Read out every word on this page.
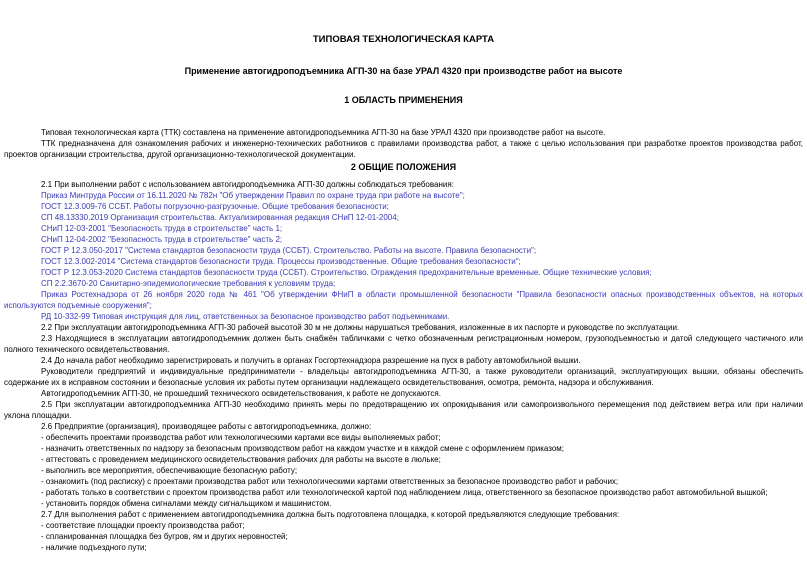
ТИПОВАЯ ТЕХНОЛОГИЧЕСКАЯ КАРТА

Применение автогидроподъемника АГП-30 на базе УРАЛ 4320 при производстве работ на высоте

1 ОБЛАСТЬ ПРИМЕНЕНИЯ

Типовая технологическая карта (ТТК) составлена на применение автогидроподъемника АГП-30 на базе УРАЛ 4320 при производстве работ на высоте.

ТТК предназначена для ознакомления рабочих и инженерно-технических работников с правилами производства работ, а также с целью использования при разработке проектов производства работ, проектов организации строительства, другой организационно-технологической документации.

2 ОБЩИЕ ПОЛОЖЕНИЯ

2.1 При выполнении работ с использованием автогидроподъемника АГП-30 должны соблюдаться требования:

Приказ Минтруда России от 16.11.2020 № 782н "Об утверждении Правил по охране труда при работе на высоте";

ГОСТ 12.3.009-76 ССБТ. Работы погрузочно-разгрузочные. Общие требования безопасности;

СП 48.13330.2019 Организация строительства. Актуализированная редакция СНиП 12-01-2004;

СНиП 12-03-2001 "Безопасность труда в строительстве" часть 1;

СНиП 12-04-2002 "Безопасность труда в строительстве" часть 2;

ГОСТ Р 12.3.050-2017 "Система стандартов безопасности труда (ССБТ). Строительство. Работы на высоте. Правила безопасности";

ГОСТ 12.3.002-2014 "Система стандартов безопасности труда. Процессы производственные. Общие требования безопасности";

ГОСТ Р 12.3.053-2020 Система стандартов безопасности труда (ССБТ). Строительство. Ограждения предохранительные временные. Общие технические условия;

СП 2.2.3670-20 Санитарно-эпидемиологические требования к условиям труда;

Приказ Ростехнадзора от 26 ноября 2020 года № 461 "Об утверждении ФНиП в области промышленной безопасности "Правила безопасности опасных производственных объектов, на которых используются подъемные сооружения";

РД 10-332-99 Типовая инструкция для лиц, ответственных за безопасное производство работ подъемниками.

2.2 При эксплуатации автогидроподъемника АГП-30 рабочей высотой 30 м не должны нарушаться требования, изложенные в их паспорте и руководстве по эксплуатации.

2.3 Находящиеся в эксплуатации автогидроподъемник должен быть снабжён табличками с четко обозначенным регистрационным номером, грузоподъемностью и датой следующего частичного или полного технического освидетельствования.

2.4 До начала работ необходимо зарегистрировать и получить в органах Госгортехнадзора разрешение на пуск в работу автомобильной вышки.

Руководители предприятий и индивидуальные предприниматели - владельцы автогидроподъемника АГП-30, а также руководители организаций, эксплуатирующих вышки, обязаны обеспечить содержание их в исправном состоянии и безопасные условия их работы путем организации надлежащего освидетельствования, осмотра, ремонта, надзора и обслуживания.

Автогидроподъемник АГП-30, не прошедший технического освидетельствования, к работе не допускаются.

2.5 При эксплуатации автогидроподъемника АГП-30 необходимо принять меры по предотвращению их опрокидывания или самопроизвольного перемещения под действием ветра или при наличии уклона площадки.

2.6 Предприятие (организация), производящее работы с автогидроподъемника, должно:

- обеспечить проектами производства работ или технологическими картами все виды выполняемых работ;

- назначить ответственных по надзору за безопасным производством работ на каждом участке и в каждой смене с оформлением приказом;

- аттестовать с проведением медицинского освидетельствования рабочих для работы на высоте в люльке;

- выполнить все мероприятия, обеспечивающие безопасную работу;

- ознакомить (под расписку) с проектами производства работ или технологическими картами ответственных за безопасное производство работ и рабочих;

- работать только в соответствии с проектом производства работ или технологической картой под наблюдением лица, ответственного за безопасное производство работ автомобильной вышкой;

- установить порядок обмена сигналами между сигнальщиком и машинистом.

2.7 Для выполнения работ с применением автогидроподъемника должна быть подготовлена площадка, к которой предъявляются следующие требования:

- соответствие площадки проекту производства работ;

- спланированная площадка без бугров, ям и других неровностей;

- наличие подъездного пути;
